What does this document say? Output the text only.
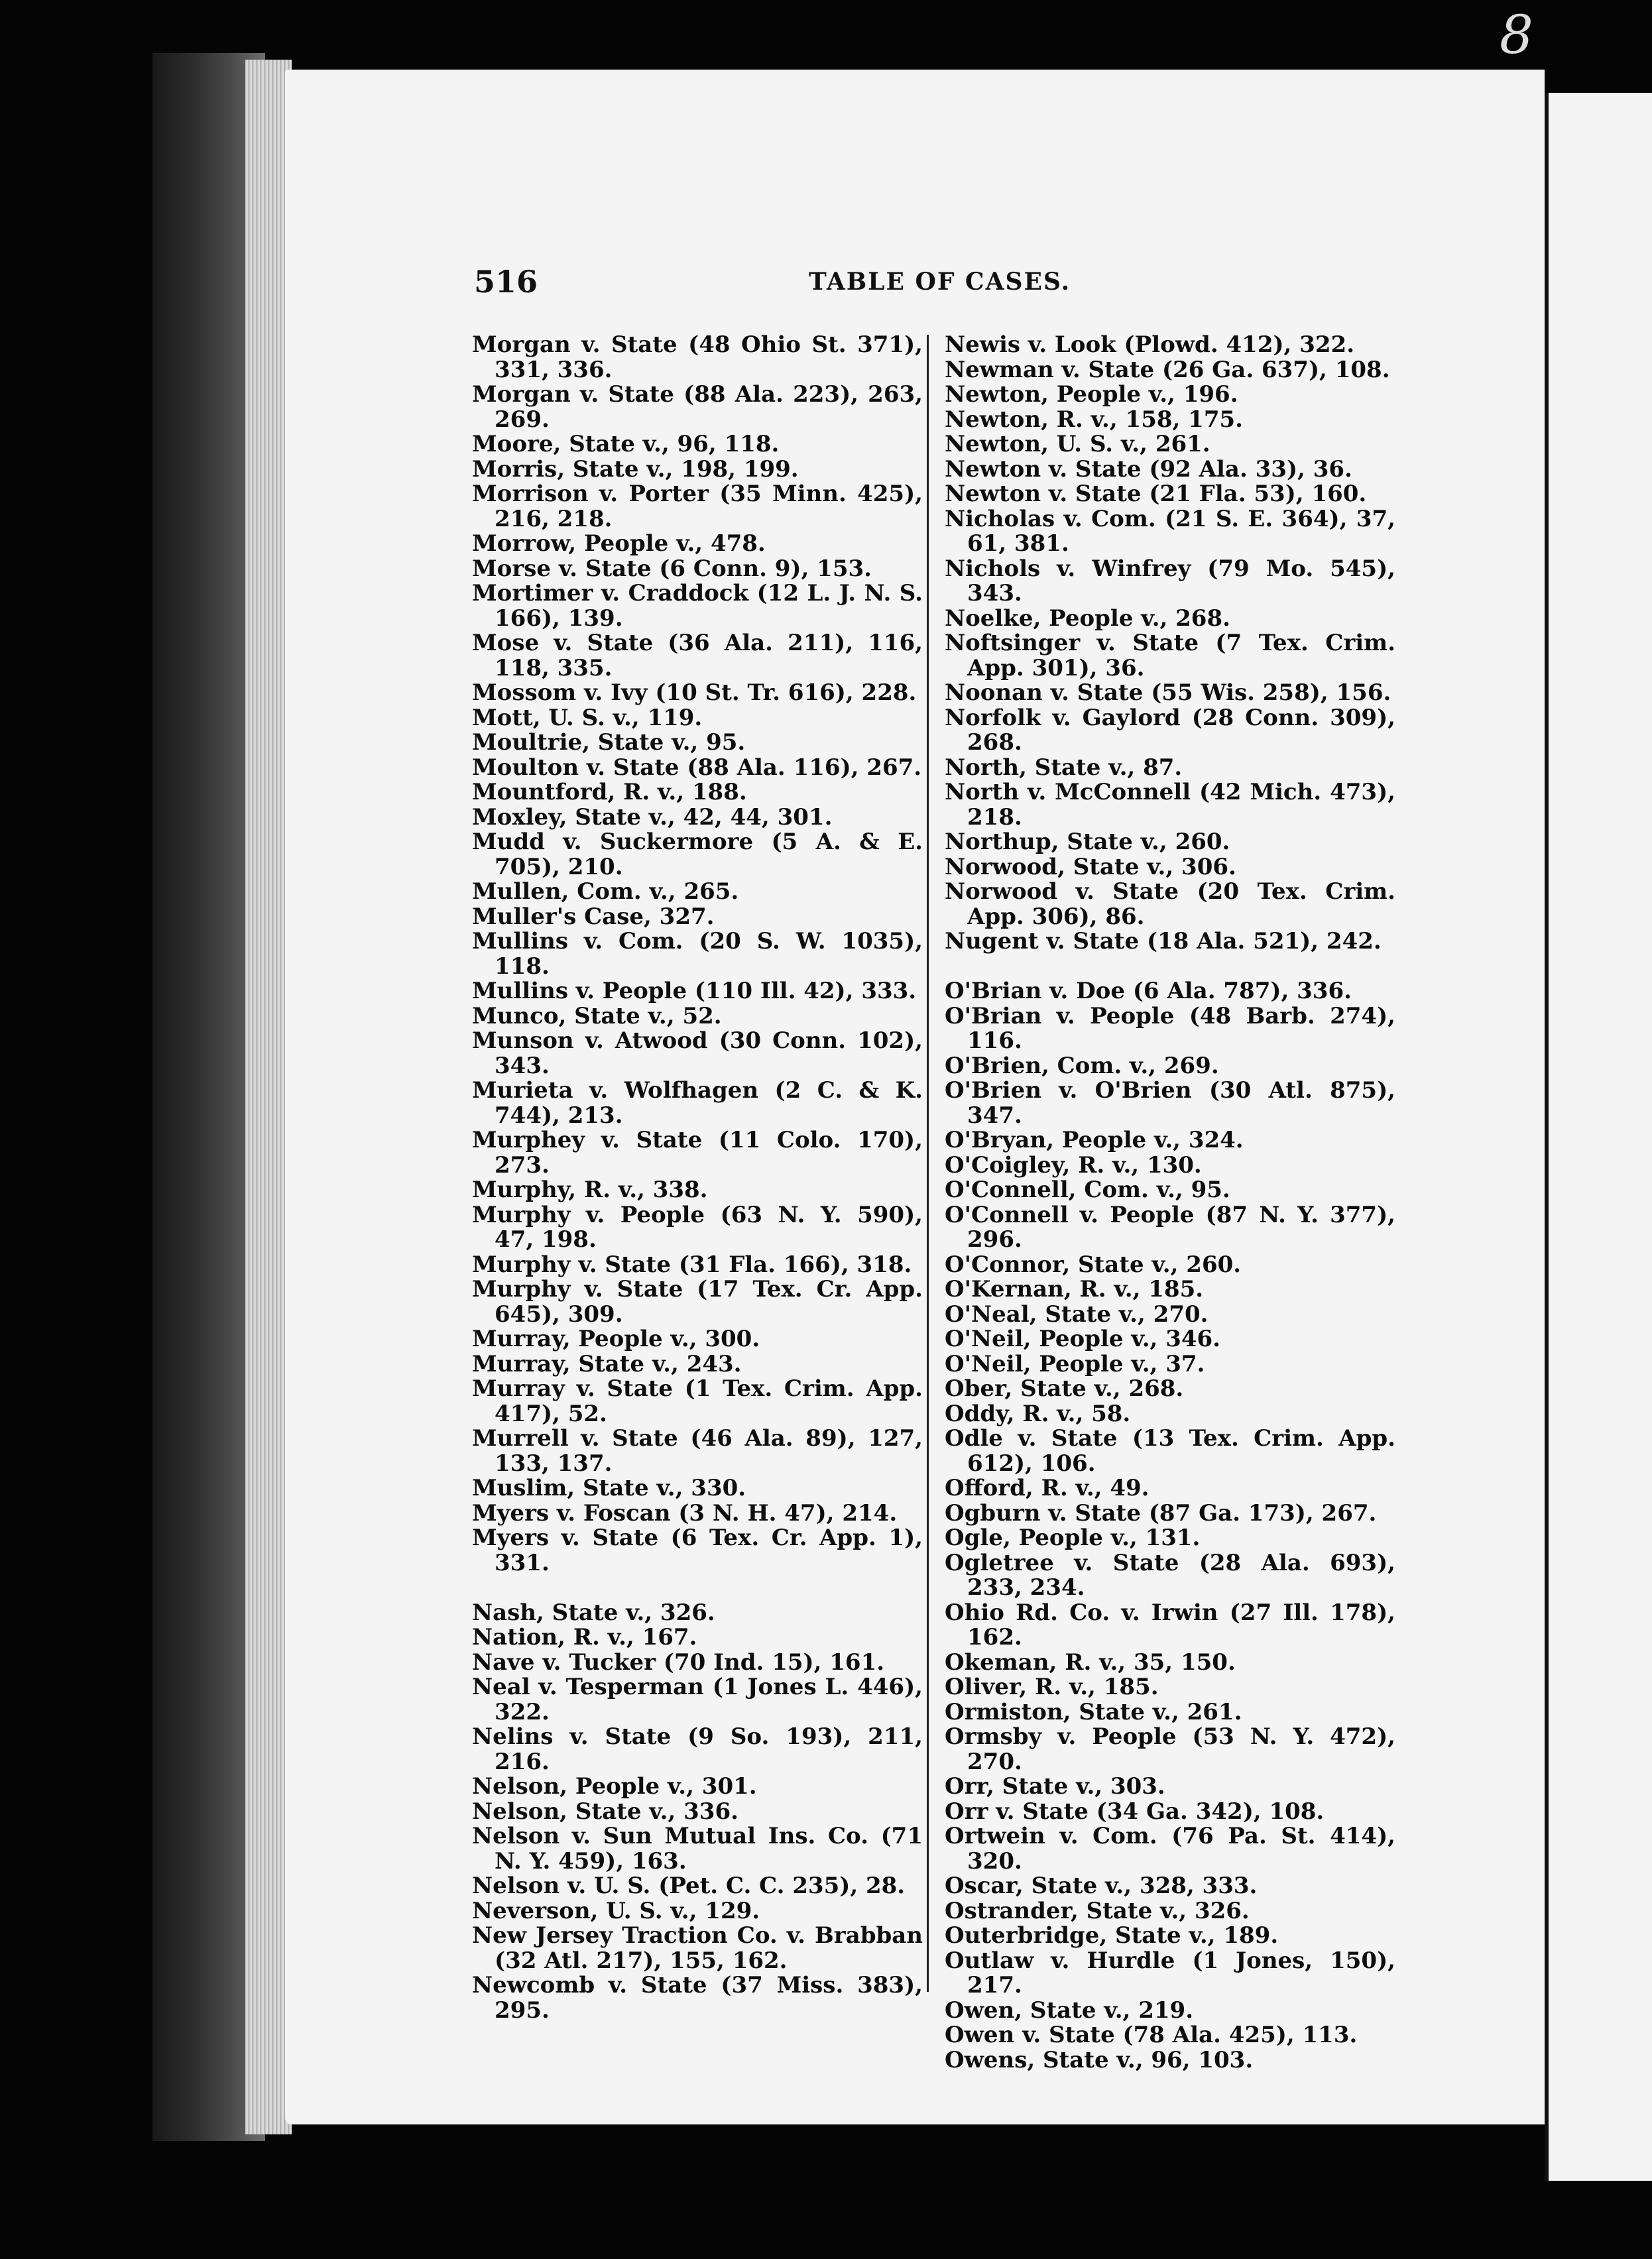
8
516	TABLE OF CASES.
Morgan v. State (48 Ohio St. 371), 331, 336.
Morgan v. State (88 Ala. 223), 263, 269.
Moore, State v., 96, 118.
Morris, State v., 198, 199.
Morrison v. Porter (35 Minn. 425), 216, 218.
Morrow, People v., 478.
Morse v. State (6 Conn. 9), 153.
Mortimer v. Craddock (12 L. J. N. S. 166), 139.
Mose v. State (36 Ala. 211), 116, 118, 335.
Mossom v. Ivy (10 St. Tr. 616), 228.
Mott, U. S. v., 119.
Moultrie, State v., 95.
Moulton v. State (88 Ala. 116), 267.
Mountford, R. v., 188.
Moxley, State v., 42, 44, 301.
Mudd v. Suckermore (5 A. & E. 705), 210.
Mullen, Com. v., 265.
Muller's Case, 327.
Mullins v. Com. (20 S. W. 1035), 118.
Mullins v. People (110 Ill. 42), 333.
Munco, State v., 52.
Munson v. Atwood (30 Conn. 102), 343.
Murieta v. Wolfhagen (2 C. & K. 744), 213.
Murphey v. State (11 Colo. 170), 273.
Murphy, R. v., 338.
Murphy v. People (63 N. Y. 590), 47, 198.
Murphy v. State (31 Fla. 166), 318.
Murphy v. State (17 Tex. Cr. App. 645), 309.
Murray, People v., 300.
Murray, State v., 243.
Murray v. State (1 Tex. Crim. App. 417), 52.
Murrell v. State (46 Ala. 89), 127, 133, 137.
Muslim, State v., 330.
Myers v. Foscan (3 N. H. 47), 214.
Myers v. State (6 Tex. Cr. App. 1), 331.
Nash, State v., 326.
Nation, R. v., 167.
Nave v. Tucker (70 Ind. 15), 161.
Neal v. Tesperman (1 Jones L. 446), 322.
Nelins v. State (9 So. 193), 211, 216.
Nelson, People v., 301.
Nelson, State v., 336.
Nelson v. Sun Mutual Ins. Co. (71 N. Y. 459), 163.
Nelson v. U. S. (Pet. C. C. 235), 28.
Neverson, U. S. v., 129.
New Jersey Traction Co. v. Brabban (32 Atl. 217), 155, 162.
Newcomb v. State (37 Miss. 383), 295.
Newis v. Look (Plowd. 412), 322.
Newman v. State (26 Ga. 637), 108.
Newton, People v., 196.
Newton, R. v., 158, 175.
Newton, U. S. v., 261.
Newton v. State (92 Ala. 33), 36.
Newton v. State (21 Fla. 53), 160.
Nicholas v. Com. (21 S. E. 364), 37, 61, 381.
Nichols v. Winfrey (79 Mo. 545), 343.
Noelke, People v., 268.
Noftsinger v. State (7 Tex. Crim. App. 301), 36.
Noonan v. State (55 Wis. 258), 156.
Norfolk v. Gaylord (28 Conn. 309), 268.
North, State v., 87.
North v. McConnell (42 Mich. 473), 218.
Northup, State v., 260.
Norwood, State v., 306.
Norwood v. State (20 Tex. Crim. App. 306), 86.
Nugent v. State (18 Ala. 521), 242.
O'Brian v. Doe (6 Ala. 787), 336.
O'Brian v. People (48 Barb. 274), 116.
O'Brien, Com. v., 269.
O'Brien v. O'Brien (30 Atl. 875), 347.
O'Bryan, People v., 324.
O'Coigley, R. v., 130.
O'Connell, Com. v., 95.
O'Connell v. People (87 N. Y. 377), 296.
O'Connor, State v., 260.
O'Kernan, R. v., 185.
O'Neal, State v., 270.
O'Neil, People v., 346.
O'Neil, People v., 37.
Ober, State v., 268.
Oddy, R. v., 58.
Odle v. State (13 Tex. Crim. App. 612), 106.
Offord, R. v., 49.
Ogburn v. State (87 Ga. 173), 267.
Ogle, People v., 131.
Ogletree v. State (28 Ala. 693), 233, 234.
Ohio Rd. Co. v. Irwin (27 Ill. 178), 162.
Okeman, R. v., 35, 150.
Oliver, R. v., 185.
Ormiston, State v., 261.
Ormsby v. People (53 N. Y. 472), 270.
Orr, State v., 303.
Orr v. State (34 Ga. 342), 108.
Ortwein v. Com. (76 Pa. St. 414), 320.
Oscar, State v., 328, 333.
Ostrander, State v., 326.
Outerbridge, State v., 189.
Outlaw v. Hurdle (1 Jones, 150), 217.
Owen, State v., 219.
Owen v. State (78 Ala. 425), 113.
Owens, State v., 96, 103.
